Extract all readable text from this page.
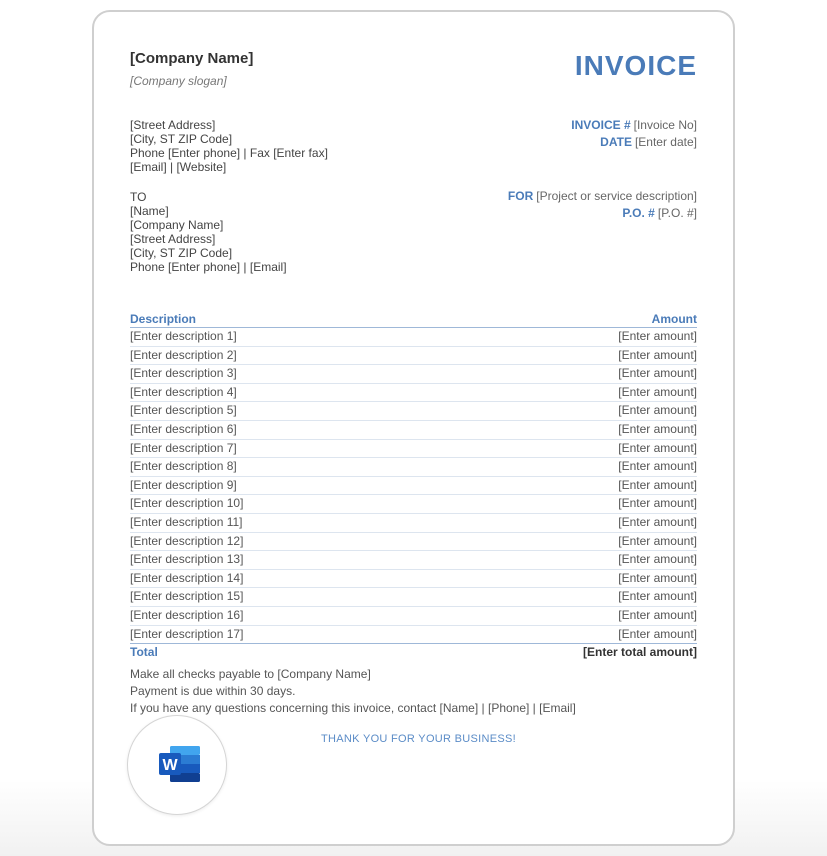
[Company Name]
[Company slogan]	INVOICE
[Street Address]
[City, ST ZIP Code]
Phone [Enter phone] | Fax [Enter fax]
[Email] | [Website]
INVOICE # [Invoice No]
DATE [Enter date]
TO
[Name]
[Company Name]
[Street Address]
[City, ST ZIP Code]
Phone [Enter phone] | [Email]
FOR [Project or service description]
P.O. # [P.O. #]
Description	Amount
[Enter description 1]	[Enter amount]
[Enter description 2]	[Enter amount]
[Enter description 3]	[Enter amount]
[Enter description 4]	[Enter amount]
[Enter description 5]	[Enter amount]
[Enter description 6]	[Enter amount]
[Enter description 7]	[Enter amount]
[Enter description 8]	[Enter amount]
[Enter description 9]	[Enter amount]
[Enter description 10]	[Enter amount]
[Enter description 11]	[Enter amount]
[Enter description 12]	[Enter amount]
[Enter description 13]	[Enter amount]
[Enter description 14]	[Enter amount]
[Enter description 15]	[Enter amount]
[Enter description 16]	[Enter amount]
[Enter description 17]	[Enter amount]
Total	[Enter total amount]
Make all checks payable to [Company Name]
Payment is due within 30 days.
If you have any questions concerning this invoice, contact [Name] | [Phone] | [Email]
THANK YOU FOR YOUR BUSINESS!
W
